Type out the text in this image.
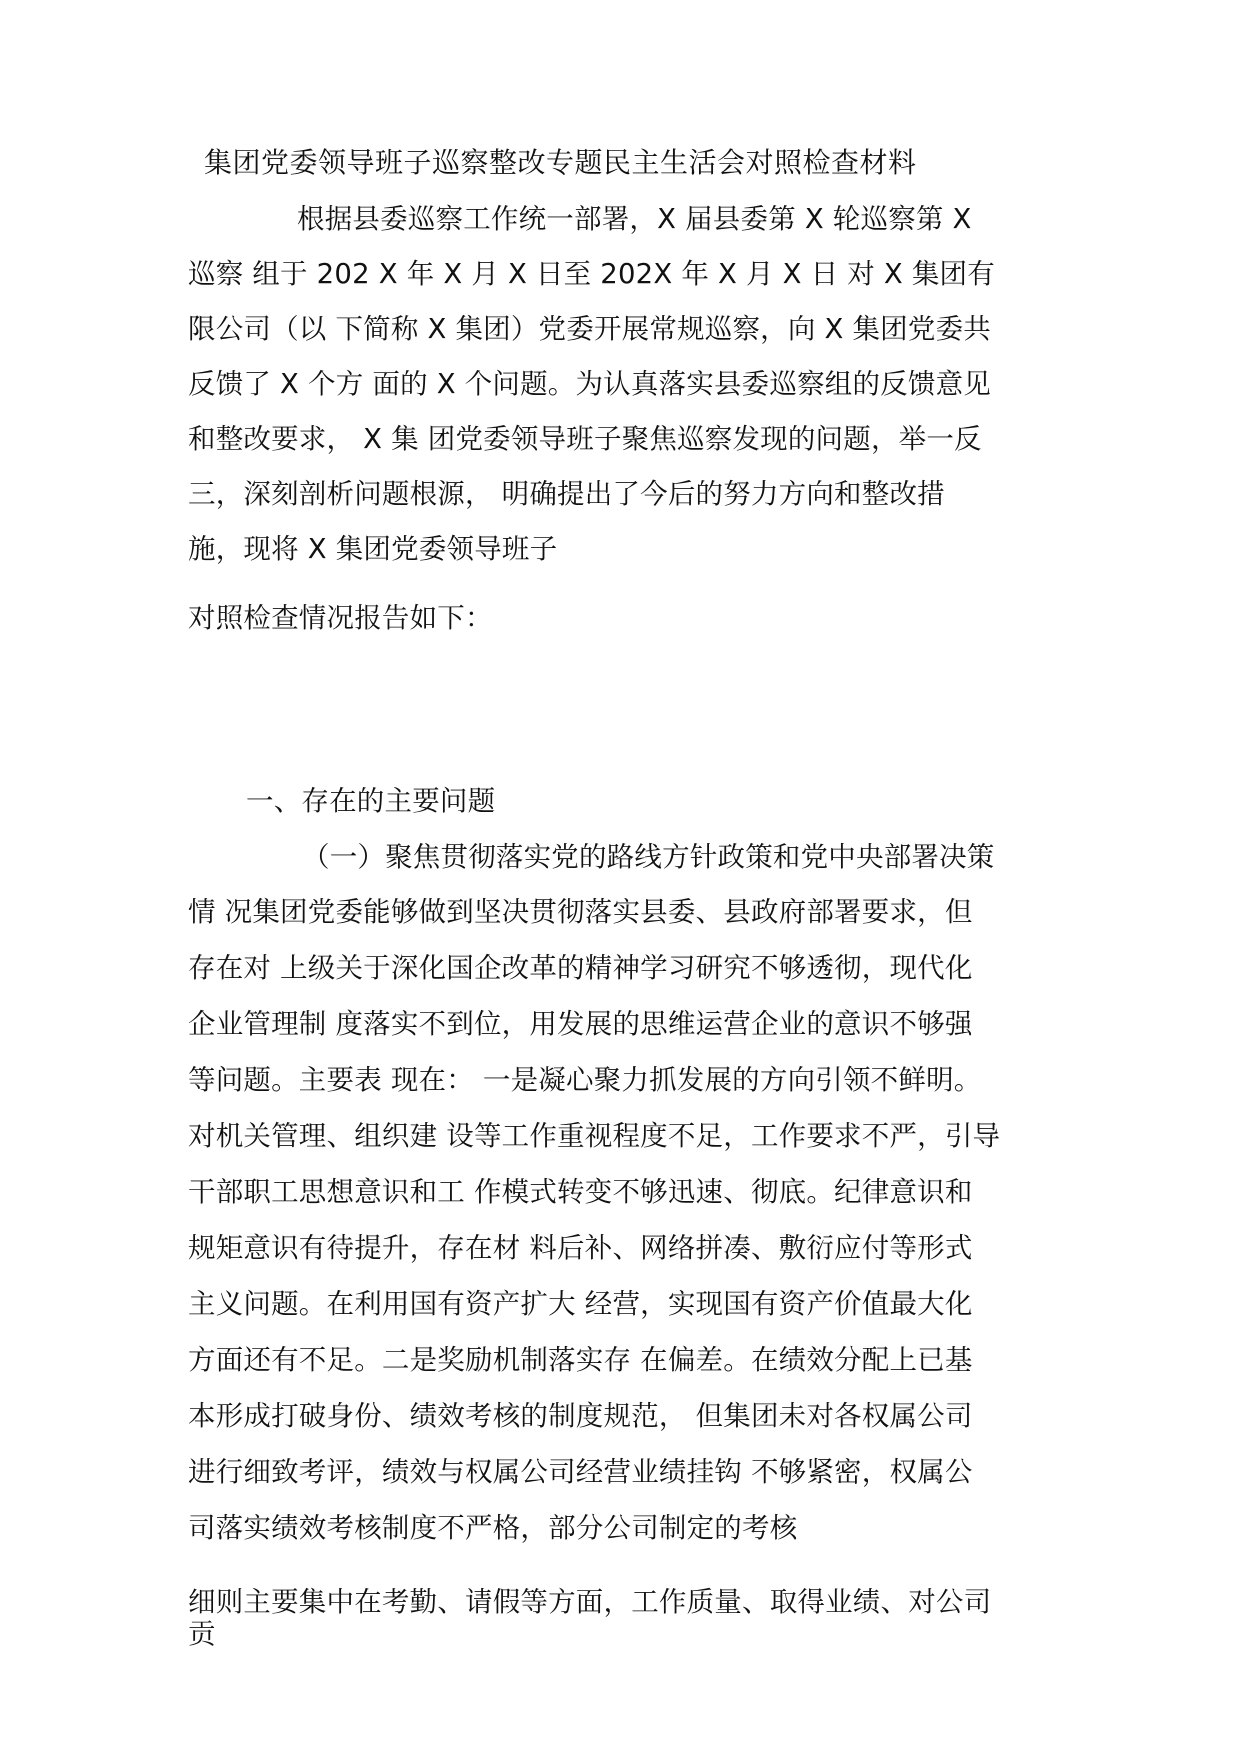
集团党委领导班子巡察整改专题民主生活会对照检查材料

根据县委巡察工作统一部署，X 届县委第 X 轮巡察第 X

巡察 组于 202 X 年 X 月 X 日至 202X 年 X 月 X 日 对 X 集团有

限公司（以 下简称 X 集团）党委开展常规巡察，向 X 集团党委共

反馈了 X 个方 面的 X 个问题。为认真落实县委巡察组的反馈意见

和整改要求， X 集 团党委领导班子聚焦巡察发现的问题，举一反

三，深刻剖析问题根源， 明确提出了今后的努力方向和整改措

施，现将 X 集团党委领导班子

对照检查情况报告如下：

一、存在的主要问题

（一）聚焦贯彻落实党的路线方针政策和党中央部署决策

情 况集团党委能够做到坚决贯彻落实县委、县政府部署要求，但

存在对 上级关于深化国企改革的精神学习研究不够透彻，现代化

企业管理制 度落实不到位，用发展的思维运营企业的意识不够强

等问题。主要表 现在： 一是凝心聚力抓发展的方向引领不鲜明。

对机关管理、组织建 设等工作重视程度不足，工作要求不严，引导

干部职工思想意识和工 作模式转变不够迅速、彻底。纪律意识和

规矩意识有待提升，存在材 料后补、网络拼凑、敷衍应付等形式

主义问题。在利用国有资产扩大 经营，实现国有资产价值最大化

方面还有不足。二是奖励机制落实存 在偏差。在绩效分配上已基

本形成打破身份、绩效考核的制度规范， 但集团未对各权属公司

进行细致考评，绩效与权属公司经营业绩挂钩 不够紧密，权属公

司落实绩效考核制度不严格，部分公司制定的考核

细则主要集中在考勤、请假等方面，工作质量、取得业绩、对公司

贡
